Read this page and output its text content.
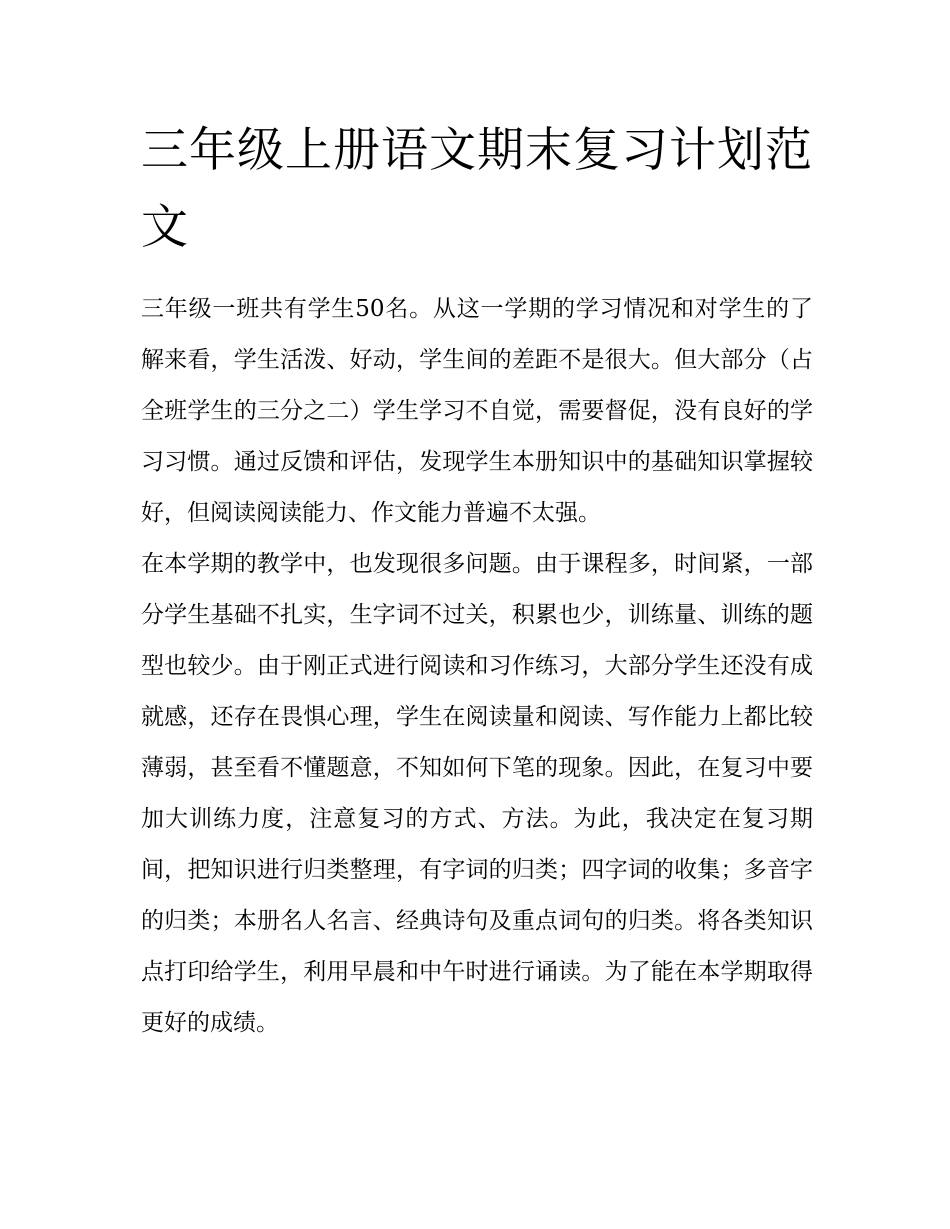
三年级上册语文期末复习计划范文

三年级一班共有学生50名。从这一学期的学习情况和对学生的了解来看，学生活泼、好动，学生间的差距不是很大。但大部分（占全班学生的三分之二）学生学习不自觉，需要督促，没有良好的学习习惯。通过反馈和评估，发现学生本册知识中的基础知识掌握较好，但阅读阅读能力、作文能力普遍不太强。

在本学期的教学中，也发现很多问题。由于课程多，时间紧，一部分学生基础不扎实，生字词不过关，积累也少，训练量、训练的题型也较少。由于刚正式进行阅读和习作练习，大部分学生还没有成就感，还存在畏惧心理，学生在阅读量和阅读、写作能力上都比较薄弱，甚至看不懂题意，不知如何下笔的现象。因此，在复习中要加大训练力度，注意复习的方式、方法。为此，我决定在复习期间，把知识进行归类整理，有字词的归类；四字词的收集；多音字的归类；本册名人名言、经典诗句及重点词句的归类。将各类知识点打印给学生，利用早晨和中午时进行诵读。为了能在本学期取得更好的成绩。
